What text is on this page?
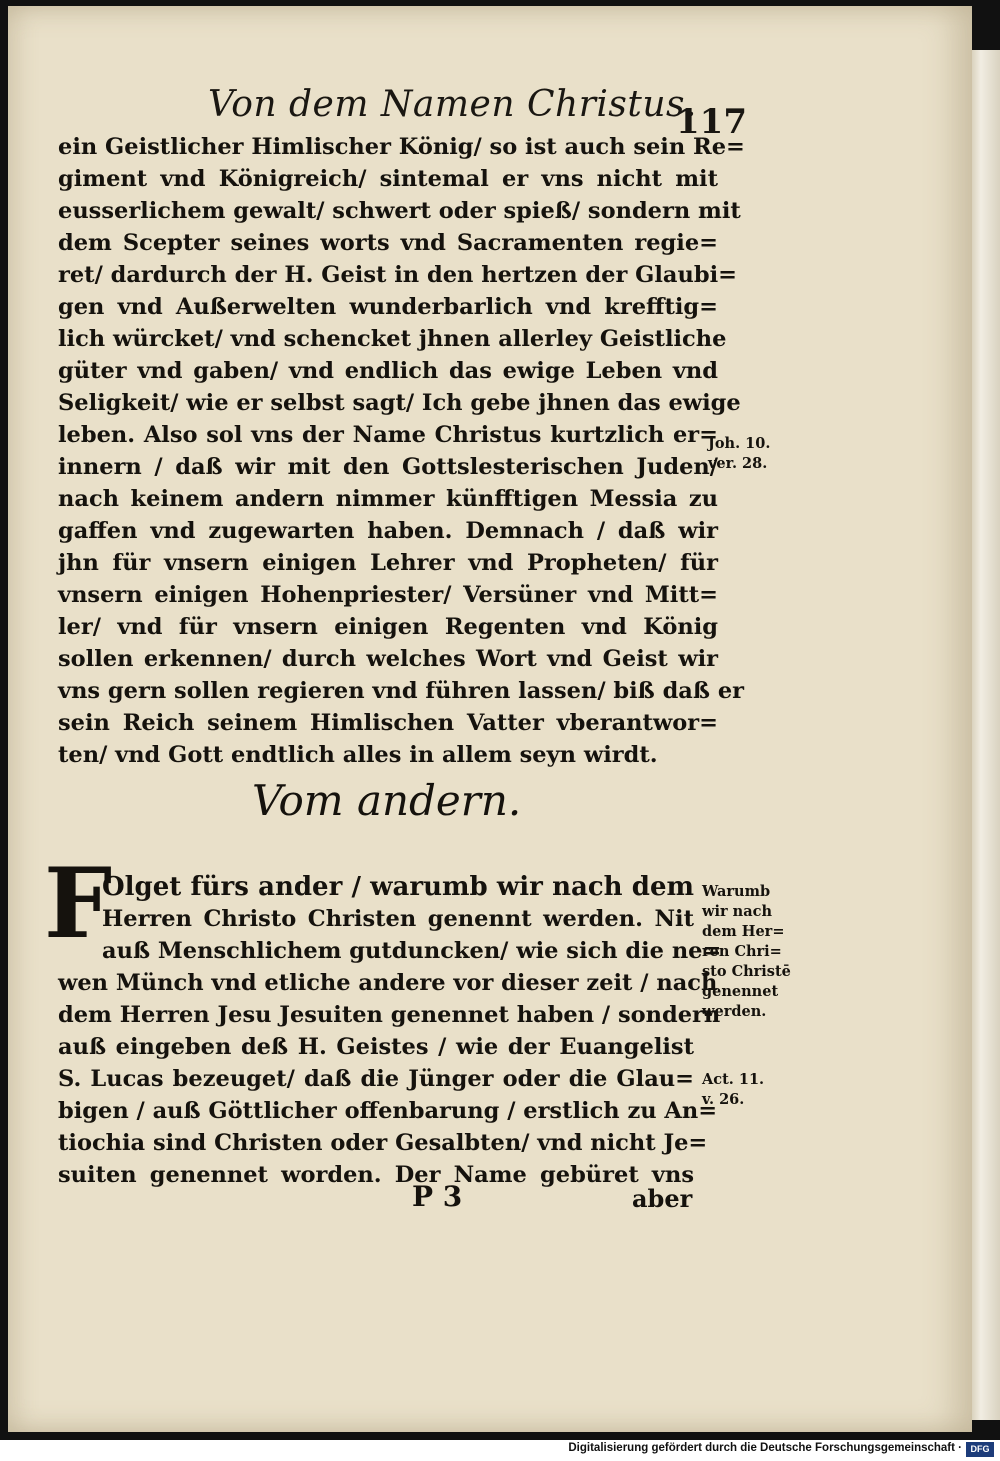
Von dem Namen Christus.
117
ein Geistlicher Himlischer König/ so ist auch sein Re=
giment vnd Königreich/ sintemal er vns nicht mit
eusserlichem gewalt/ schwert oder spieß/ sondern mit
dem Scepter seines worts vnd Sacramenten regie=
ret/ dardurch der H. Geist in den hertzen der Glaubi=
gen vnd Außerwelten wunderbarlich vnd krefftig=
lich würcket/ vnd schencket jhnen allerley Geistliche
güter vnd gaben/ vnd endlich das ewige Leben vnd
Seligkeit/ wie er selbst sagt/ Ich gebe jhnen das ewige
leben. Also sol vns der Name Christus kurtzlich er=
innern / daß wir mit den Gottslesterischen Juden/
nach keinem andern nimmer künfftigen Messia zu
gaffen vnd zugewarten haben. Demnach / daß wir
jhn für vnsern einigen Lehrer vnd Propheten/ für
vnsern einigen Hohenpriester/ Versüner vnd Mitt=
ler/ vnd für vnsern einigen Regenten vnd König
sollen erkennen/ durch welches Wort vnd Geist wir
vns gern sollen regieren vnd führen lassen/ biß daß er
sein Reich seinem Himlischen Vatter vberantwor=
ten/ vnd Gott endtlich alles in allem seyn wirdt.
Joh. 10.
ver. 28.
Vom andern.
F
Olget fürs ander / warumb wir nach dem
Herren Christo Christen genennt werden. Nit
auß Menschlichem gutduncken/ wie sich die ne=
wen Münch vnd etliche andere vor dieser zeit / nach
dem Herren Jesu Jesuiten genennet haben / sondern
auß eingeben deß H. Geistes / wie der Euangelist
S. Lucas bezeuget/ daß die Jünger oder die Glau=
bigen / auß Göttlicher offenbarung / erstlich zu An=
tiochia sind Christen oder Gesalbten/ vnd nicht Je=
suiten genennet worden. Der Name gebüret vns
Warumb
wir nach
dem Her=
ren Chri=
sto Christē
genennet
werden.
Act. 11.
v. 26.
P 3	aber
Digitalisierung gefördert durch die Deutsche Forschungsgemeinschaft · DFG
